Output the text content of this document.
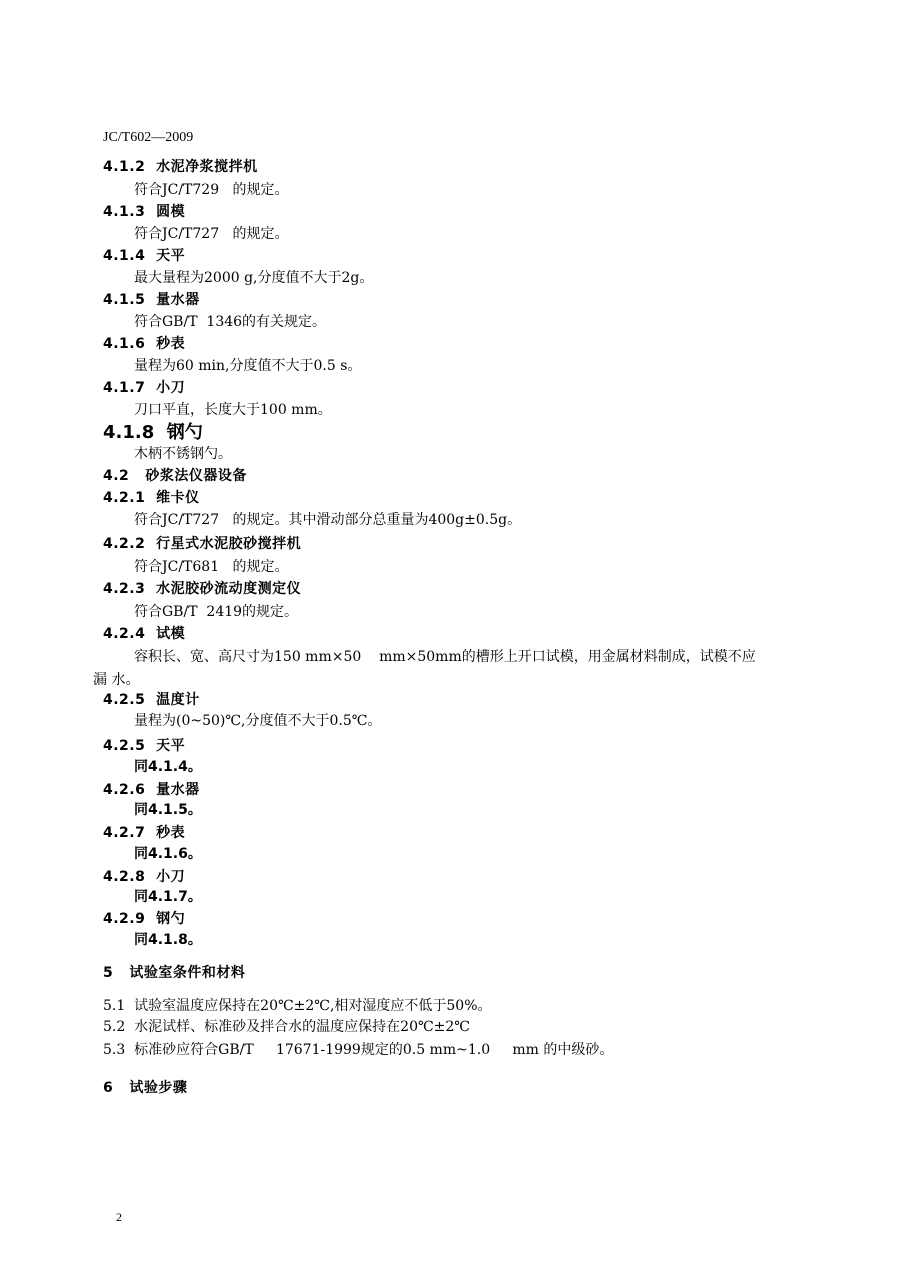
JC/T602—2009
4.1.2  水泥净浆搅拌机
符合JC/T729   的规定。
4.1.3  圆模
符合JC/T727   的规定。
4.1.4  天平
最大量程为2000 g,分度值不大于2g。
4.1.5  量水器
符合GB/T  1346的有关规定。
4.1.6  秒表
量程为60 min,分度值不大于0.5 s。
4.1.7  小刀
刀口平直，长度大于100 mm。
4.1.8  钢勺
木柄不锈钢勺。
4.2   砂浆法仪器设备
4.2.1  维卡仪
符合JC/T727   的规定。其中滑动部分总重量为400g±0.5g。
4.2.2  行星式水泥胶砂搅拌机
符合JC/T681   的规定。
4.2.3  水泥胶砂流动度测定仪
符合GB/T  2419的规定。
4.2.4  试模
容积长、宽、高尺寸为150 mm×50    mm×50mm的槽形上开口试模，用金属材料制成，试模不应
漏 水。
4.2.5  温度计
量程为(0~50)℃,分度值不大于0.5℃。
4.2.5  天平
同4.1.4。
4.2.6  量水器
同4.1.5。
4.2.7  秒表
同4.1.6。
4.2.8  小刀
同4.1.7。
4.2.9  钢勺
同4.1.8。
5   试验室条件和材料
5.1  试验室温度应保持在20℃±2℃,相对湿度应不低于50%。
5.2  水泥试样、标准砂及拌合水的温度应保持在20℃±2℃
5.3  标准砂应符合GB/T     17671-1999规定的0.5 mm~1.0     mm 的中级砂。
6   试验步骤
2
